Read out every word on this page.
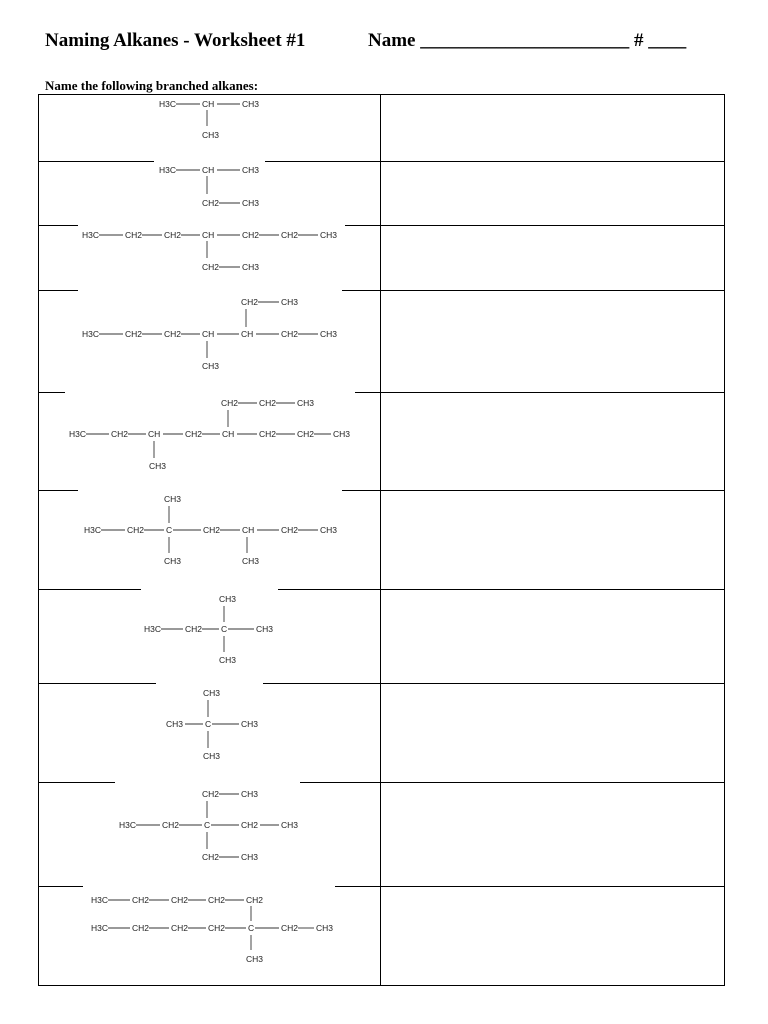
Naming Alkanes - Worksheet #1	Name ______________________ # ____
Name the following branched alkanes:
H3C	CH	CH3
CH3
H3C	CH	CH3
CH2	CH3
H3C	CH2	CH2 CH	CH2	CH2	CH3
CH2	CH3
CH2	CH3
H3C	CH2	CH2 CH	CH	CH2	CH3
CH3
CH2 CH2 CH3
H3C	CH2 CH	CH2 CH	CH2 CH2 CH3
CH3
CH3
H3C	CH2	C	CH2	CH	CH2	CH3
CH3	CH3
CH3
H3C	CH2 C	CH3
CH3
CH3
CH3	C	CH3
CH3
CH2	CH3
H3C	CH2	C	CH2	CH3
CH2	CH3
H3C	CH2	CH2 CH2 CH2
H3C	CH2	CH2 CH2	C	CH2 CH3
CH3
